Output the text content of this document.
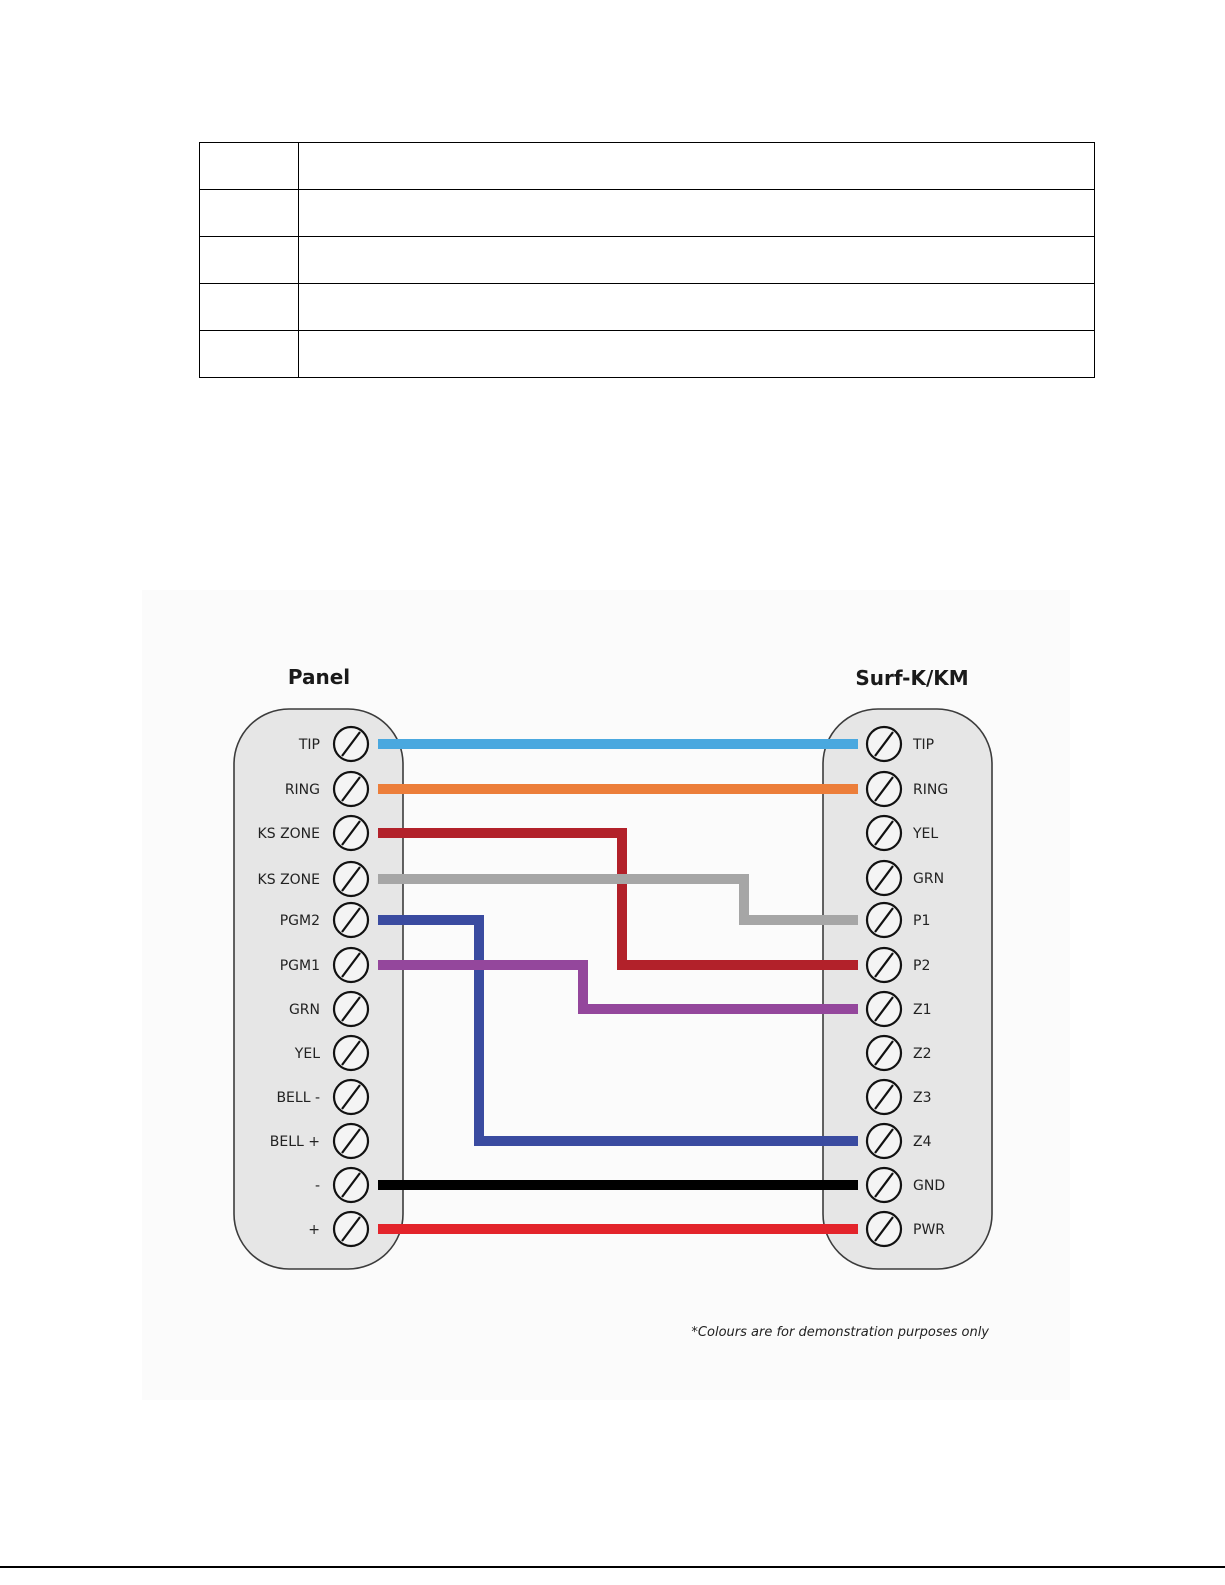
Panel	Surf-K/KM
TIP
RING
KS ZONE
KS ZONE
PGM2
PGM1
GRN
YEL
BELL -
BELL +
-
+
TIP
RING
YEL
GRN
P1
P2
Z1
Z2
Z3
Z4
GND
PWR
*Colours are for demonstration purposes only
